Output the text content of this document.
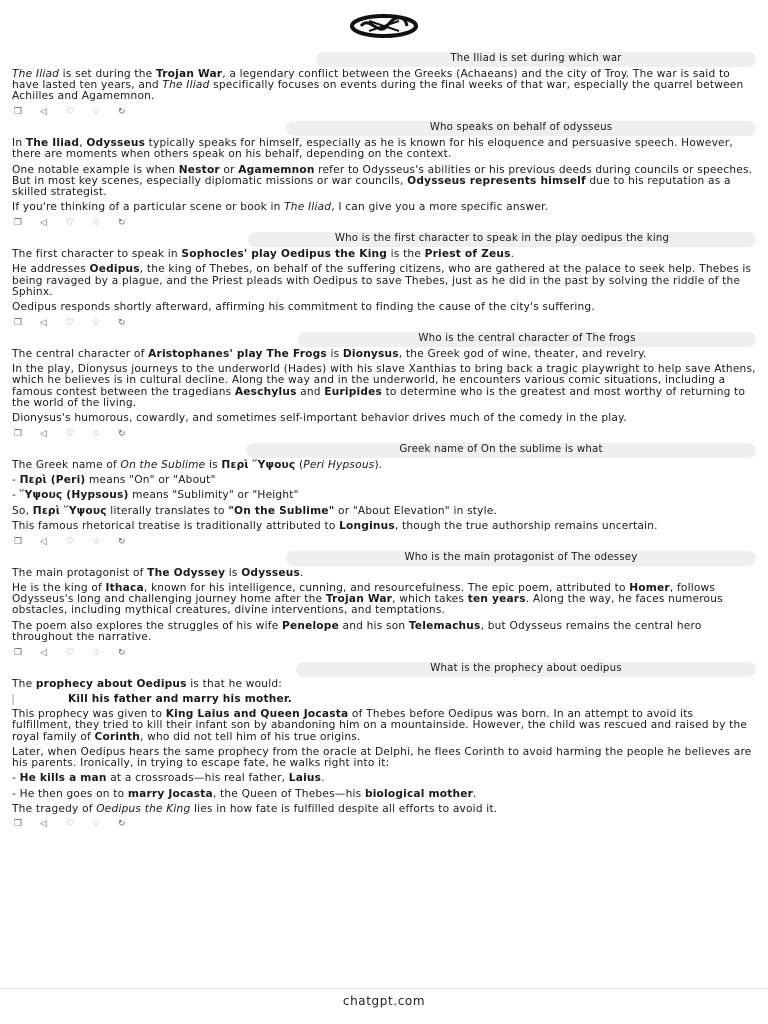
The Iliad is set during which war

The Iliad is set during the Trojan War, a legendary conflict between the Greeks (Achaeans) and the city of Troy. The war is said to have lasted ten years, and The Iliad specifically focuses on events during the final weeks of that war, especially the quarrel between Achilles and Agamemnon.

❐	◁	♡	♢	↻
Who speaks on behalf of odysseus

In The Iliad, Odysseus typically speaks for himself, especially as he is known for his eloquence and persuasive speech. However, there are moments when others speak on his behalf, depending on the context.

One notable example is when Nestor or Agamemnon refer to Odysseus's abilities or his previous deeds during councils or speeches. But in most key scenes, especially diplomatic missions or war councils, Odysseus represents himself due to his reputation as a skilled strategist.

If you're thinking of a particular scene or book in The Iliad, I can give you a more specific answer.

❐	◁	♡	♢	↻
Who is the first character to speak in the play oedipus the king

The first character to speak in Sophocles' play Oedipus the King is the Priest of Zeus.

He addresses Oedipus, the king of Thebes, on behalf of the suffering citizens, who are gathered at the palace to seek help. Thebes is being ravaged by a plague, and the Priest pleads with Oedipus to save Thebes, just as he did in the past by solving the riddle of the Sphinx.

Oedipus responds shortly afterward, affirming his commitment to finding the cause of the city's suffering.

❐	◁	♡	♢	↻
Who is the central character of The frogs

The central character of Aristophanes' play The Frogs is Dionysus, the Greek god of wine, theater, and revelry.

In the play, Dionysus journeys to the underworld (Hades) with his slave Xanthias to bring back a tragic playwright to help save Athens, which he believes is in cultural decline. Along the way and in the underworld, he encounters various comic situations, including a famous contest between the tragedians Aeschylus and Euripides to determine who is the greatest and most worthy of returning to the world of the living.

Dionysus's humorous, cowardly, and sometimes self-important behavior drives much of the comedy in the play.

❐	◁	♡	♢	↻
Greek name of On the sublime is what

The Greek name of On the Sublime is Περὶ Ὕψους (Peri Hypsous).

- Περὶ (Peri) means "On" or "About"

- Ὕψους (Hypsous) means "Sublimity" or "Height"

So, Περὶ Ὕψους literally translates to "On the Sublime" or "About Elevation" in style.

This famous rhetorical treatise is traditionally attributed to Longinus, though the true authorship remains uncertain.

❐	◁	♡	♢	↻
Who is the main protagonist of The odessey

The main protagonist of The Odyssey is Odysseus.

He is the king of Ithaca, known for his intelligence, cunning, and resourcefulness. The epic poem, attributed to Homer, follows Odysseus's long and challenging journey home after the Trojan War, which takes ten years. Along the way, he faces numerous obstacles, including mythical creatures, divine interventions, and temptations.

The poem also explores the struggles of his wife Penelope and his son Telemachus, but Odysseus remains the central hero throughout the narrative.

❐	◁	♡	♢	↻
What is the prophecy about oedipus

The prophecy about Oedipus is that he would:

Kill his father and marry his mother.

This prophecy was given to King Laius and Queen Jocasta of Thebes before Oedipus was born. In an attempt to avoid its fulfillment, they tried to kill their infant son by abandoning him on a mountainside. However, the child was rescued and raised by the royal family of Corinth, who did not tell him of his true origins.

Later, when Oedipus hears the same prophecy from the oracle at Delphi, he flees Corinth to avoid harming the people he believes are his parents. Ironically, in trying to escape fate, he walks right into it:

- He kills a man at a crossroads—his real father, Laius.

- He then goes on to marry Jocasta, the Queen of Thebes—his biological mother.

The tragedy of Oedipus the King lies in how fate is fulfilled despite all efforts to avoid it.

❐	◁	♡	♢	↻
chatgpt.com
